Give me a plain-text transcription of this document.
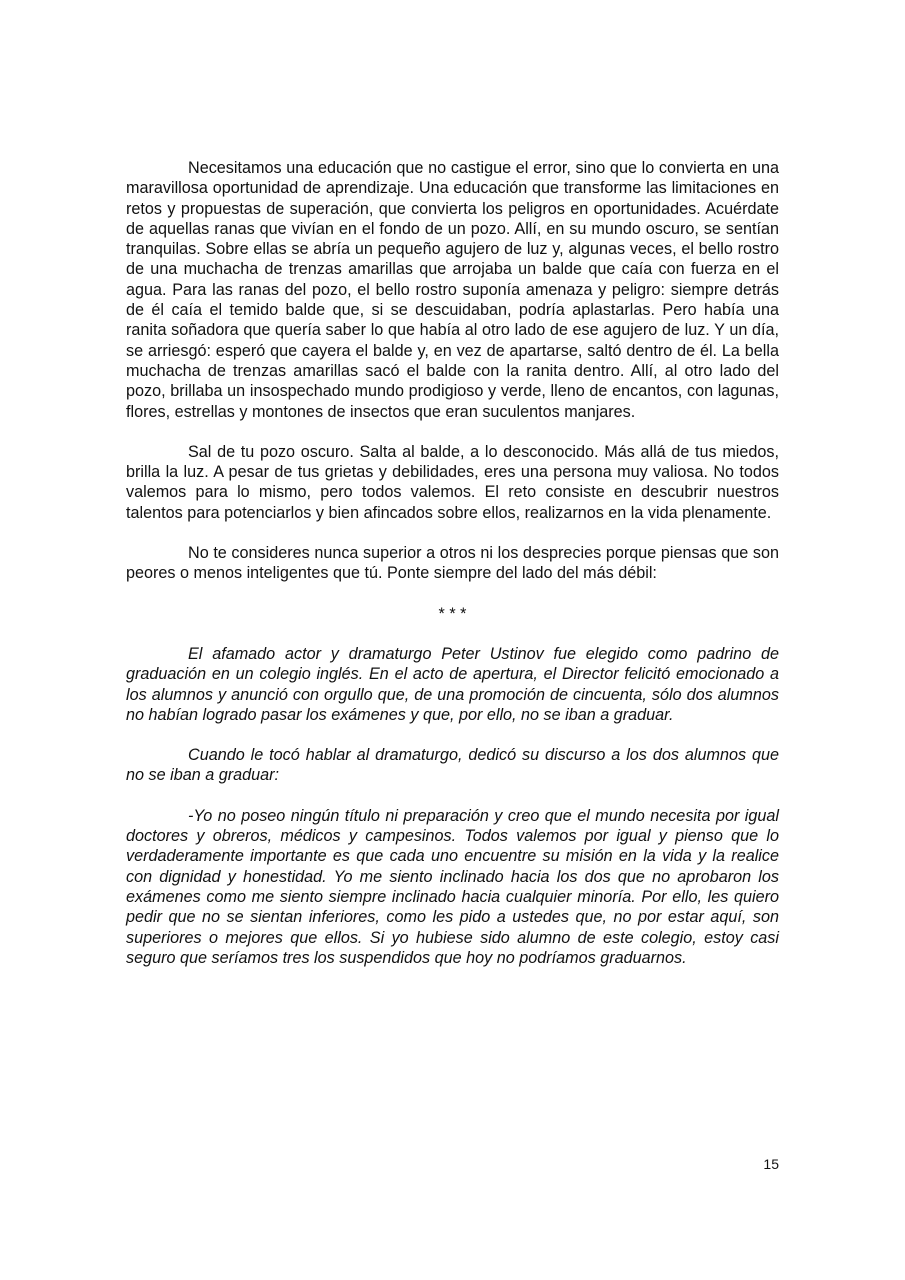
Necesitamos una educación que no castigue el error, sino que lo convierta en una maravillosa oportunidad de aprendizaje. Una educación que transforme las limitaciones en retos y propuestas de superación, que convierta los peligros en oportunidades. Acuérdate de aquellas ranas que vivían en el fondo de un pozo. Allí, en su mundo oscuro, se sentían tranquilas. Sobre ellas se abría un pequeño agujero de luz y, algunas veces, el bello rostro de una muchacha de trenzas amarillas que arrojaba un balde que caía con fuerza en el agua. Para las ranas del pozo, el bello rostro suponía amenaza y peligro: siempre detrás de él caía el temido balde que, si se descuidaban, podría aplastarlas. Pero había una ranita soñadora que quería saber lo que había al otro lado de ese agujero de luz. Y un día, se arriesgó: esperó que cayera el balde y, en vez de apartarse, saltó dentro de él. La bella muchacha de trenzas amarillas sacó el balde con la ranita dentro. Allí, al otro lado del pozo, brillaba un insospechado mundo prodigioso y verde, lleno de encantos, con lagunas, flores, estrellas y montones de insectos que eran suculentos manjares.

Sal de tu pozo oscuro. Salta al balde, a lo desconocido. Más allá de tus miedos, brilla la luz. A pesar de tus grietas y debilidades, eres una persona muy valiosa. No todos valemos para lo mismo, pero todos valemos. El reto consiste en descubrir nuestros talentos para potenciarlos y bien afincados sobre ellos, realizarnos en la vida plenamente.

No te consideres nunca superior a otros ni los desprecies porque piensas que son peores o menos inteligentes que tú. Ponte siempre del lado del más débil:

* * *

El afamado actor y dramaturgo Peter Ustinov fue elegido como padrino de graduación en un colegio inglés. En el acto de apertura, el Director felicitó emocionado a los alumnos y anunció con orgullo que, de una promoción de cincuenta, sólo dos alumnos no habían logrado pasar los exámenes y que, por ello, no se iban a graduar.

Cuando le tocó hablar al dramaturgo, dedicó su discurso a los dos alumnos que no se iban a graduar:

-Yo no poseo ningún título ni preparación y creo que el mundo necesita por igual doctores y obreros, médicos y campesinos. Todos valemos por igual y pienso que lo verdaderamente importante es que cada uno encuentre su misión en la vida y la realice con dignidad y honestidad. Yo me siento inclinado hacia los dos que no aprobaron los exámenes como me siento siempre inclinado hacia cualquier minoría. Por ello, les quiero pedir que no se sientan inferiores, como les pido a ustedes que, no por estar aquí, son superiores o mejores que ellos. Si yo hubiese sido alumno de este colegio, estoy casi seguro que seríamos tres los suspendidos que hoy no podríamos graduarnos.

15
